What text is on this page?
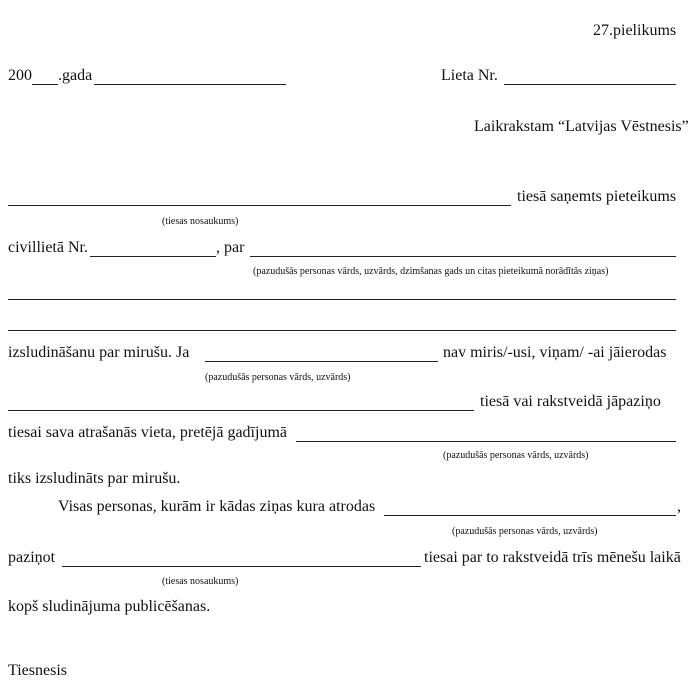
27.pielikums
200 .gada	Lieta Nr.
Laikrakstam “Latvijas Vēstnesis”
tiesā saņemts pieteikums
(tiesas nosaukums)
civillietā Nr.	, par
(pazudušās personas vārds, uzvārds, dzimšanas gads un citas pieteikumā norādītās ziņas)
izsludināšanu par mirušu. Ja	nav miris/-usi, viņam/ -ai jāierodas
(pazudušās personas vārds, uzvārds)
tiesā vai rakstveidā jāpaziņo
tiesai sava atrašanās vieta, pretējā gadījumā
(pazudušās personas vārds, uzvārds)
tiks izsludināts par mirušu.
Visas personas, kurām ir kādas ziņas kura atrodas	,
(pazudušās personas vārds, uzvārds)
paziņot	tiesai par to rakstveidā trīs mēnešu laikā
(tiesas nosaukums)
kopš sludinājuma publicēšanas.
Tiesnesis
